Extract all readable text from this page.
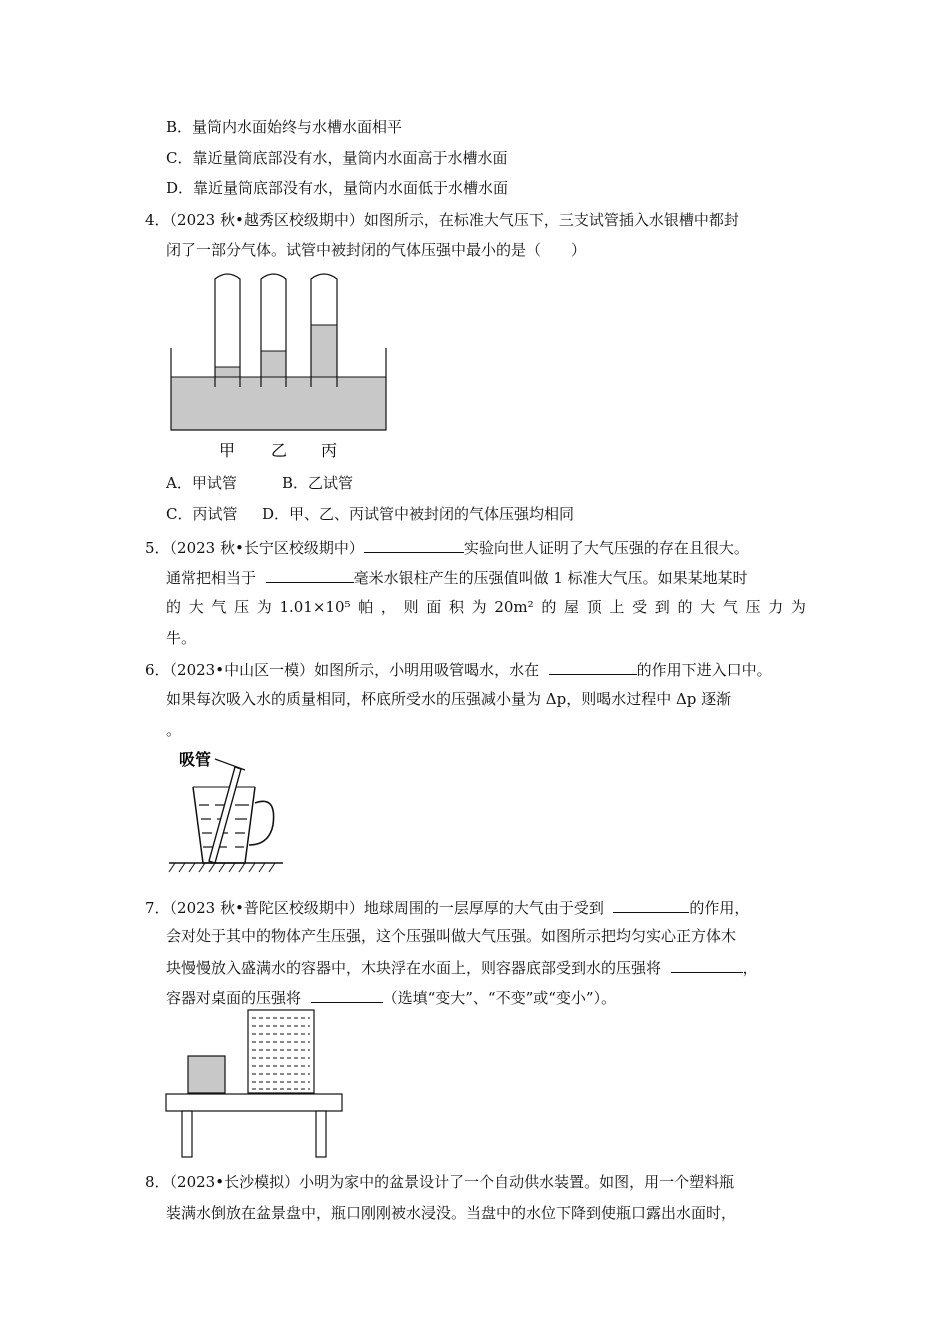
B．量筒内水面始终与水槽水面相平
C．靠近量筒底部没有水，量筒内水面高于水槽水面
D．靠近量筒底部没有水，量筒内水面低于水槽水面
4．（2023 秋•越秀区校级期中）如图所示，在标准大气压下，三支试管插入水银槽中都封
闭了一部分气体。试管中被封闭的气体压强中最小的是（　　）
甲 乙 丙
A．甲试管	B．乙试管
C．丙试管 D．甲、乙、丙试管中被封闭的气体压强均相同
5．（2023 秋•长宁区校级期中）	实验向世人证明了大气压强的存在且很大。
通常把相当于	毫米水银柱产生的压强值叫做 1 标准大气压。如果某地某时
的 大 气 压 为 1.01×10⁵ 帕 ， 则 面 积 为 20m² 的 屋 顶 上 受 到 的 大 气 压 力 为
牛。
6．（2023•中山区一模）如图所示，小明用吸管喝水，水在	的作用下进入口中。
如果每次吸入水的质量相同，杯底所受水的压强减小量为 Δp，则喝水过程中 Δp 逐渐
。
吸管
7．（2023 秋•普陀区校级期中）地球周围的一层厚厚的大气由于受到	的作用，
会对处于其中的物体产生压强，这个压强叫做大气压强。如图所示把均匀实心正方体木
块慢慢放入盛满水的容器中，木块浮在水面上，则容器底部受到水的压强将	，
容器对桌面的压强将	（选填“变大”、“不变”或“变小”）。
8．（2023•长沙模拟）小明为家中的盆景设计了一个自动供水装置。如图，用一个塑料瓶
装满水倒放在盆景盘中，瓶口刚刚被水浸没。当盘中的水位下降到使瓶口露出水面时，
